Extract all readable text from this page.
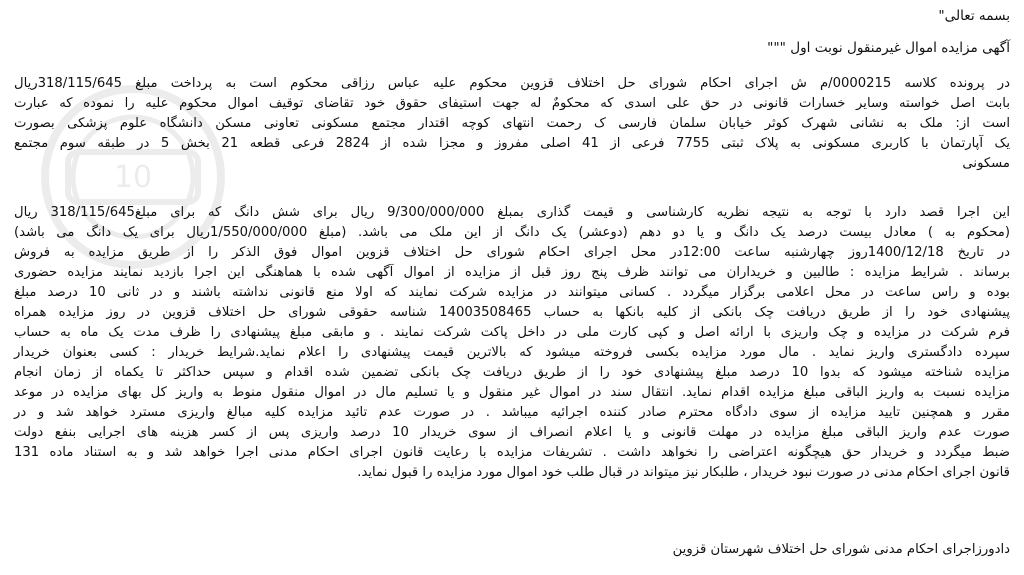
10
بسمه تعالی"
آگهی مزایده اموال غیرمنقول نوبت اول """
در پرونده کلاسه 0000215/م ش اجرای احکام شورای حل اختلاف قزوین محکوم علیه عباس رزاقی محکوم است به پرداخت مبلغ 318/115/645ریال
بابت اصل خواسته وسایر خسارات قانونی در حق علی اسدی که محکومٌ له جهت استیفای حقوق خود تقاضای توقیف اموال محکوم علیه را نموده که عبارت
است از: ملک به نشانی شهرک کوثر خیابان سلمان فارسی ک رحمت انتهای کوچه اقتدار مجتمع مسکونی تعاونی مسکن دانشگاه علوم پزشکی بصورت
یک آپارتمان با کاربری مسکونی به پلاک ثبتی 7755 فرعی از 41 اصلی مفروز و مجزا شده از 2824 فرعی قطعه 21 بخش 5 در طبقه سوم مجتمع
مسکونی
این اجرا قصد دارد با توجه به نتیجه نظریه کارشناسی و قیمت گذاری بمبلغ 9/300/000/000 ریال برای شش دانگ که برای مبلغ318/115/645 ریال
(محکوم به ) معادل بیست درصد یک دانگ و یا دو دهم (دوعشر) یک دانگ از این ملک می باشد. (مبلغ 1/550/000/000ریال برای یک دانگ می باشد)
در تاریخ 1400/12/18روز چهارشنبه ساعت 12:00در محل اجرای احکام شورای حل اختلاف قزوین اموال فوق الذکر را از طریق مزایده به فروش
برساند . شرایط مزایده : طالبین و خریداران می توانند ظرف پنج روز قبل از مزایده از اموال آگهی شده با هماهنگی این اجرا بازدید نمایند مزایده حضوری
بوده و راس ساعت در محل اعلامی برگزار میگردد . کسانی میتوانند در مزایده شرکت نمایند که اولا منع قانونی نداشته باشند و در ثانی 10 درصد مبلغ
پیشنهادی خود را از طریق دریافت چک بانکی از کلیه بانکها به حساب 14003508465 شناسه حقوقی شورای حل اختلاف قزوین در روز مزایده همراه
فرم شرکت در مزایده و چک واریزی با ارائه اصل و کپی کارت ملی در داخل پاکت شرکت نمایند . و مابقی مبلغ پیشنهادی را ظرف مدت یک ماه به حساب
سپرده دادگستری واریز نماید . مال مورد مزایده بکسی فروخته میشود که بالاترین قیمت پیشنهادی را اعلام نماید.شرایط خریدار : کسی بعنوان خریدار
مزایده شناخته میشود که بدوا 10 درصد مبلغ پیشنهادی خود را از طریق دریافت چک بانکی تضمین شده اقدام و سپس حداکثر تا یکماه از زمان انجام
مزایده نسبت به واریز الباقی مبلغ مزایده اقدام نماید. انتقال سند در اموال غیر منقول و یا تسلیم مال در اموال منقول منوط به واریز کل بهای مزایده در موعد
مقرر و همچنین تایید مزایده از سوی دادگاه محترم صادر کننده اجرائیه میباشد . در صورت عدم تائید مزایده کلیه مبالغ واریزی مسترد خواهد شد و در
صورت عدم واریز الباقی مبلغ مزایده در مهلت قانونی و یا اعلام انصراف از سوی خریدار 10 درصد واریزی پس از کسر هزینه های اجرایی بنفع دولت
ضبط میگردد و خریدار حق هیچگونه اعتراضی را نخواهد داشت . تشریفات مزایده با رعایت قانون اجرای احکام مدنی اجرا خواهد شد و به استناد ماده 131
قانون اجرای احکام مدنی در صورت نبود خریدار ، طلبکار نیز میتواند در قبال طلب خود اموال مورد مزایده را قبول نماید.
دادورزاجرای احکام مدنی شورای حل اختلاف شهرستان قزوین
